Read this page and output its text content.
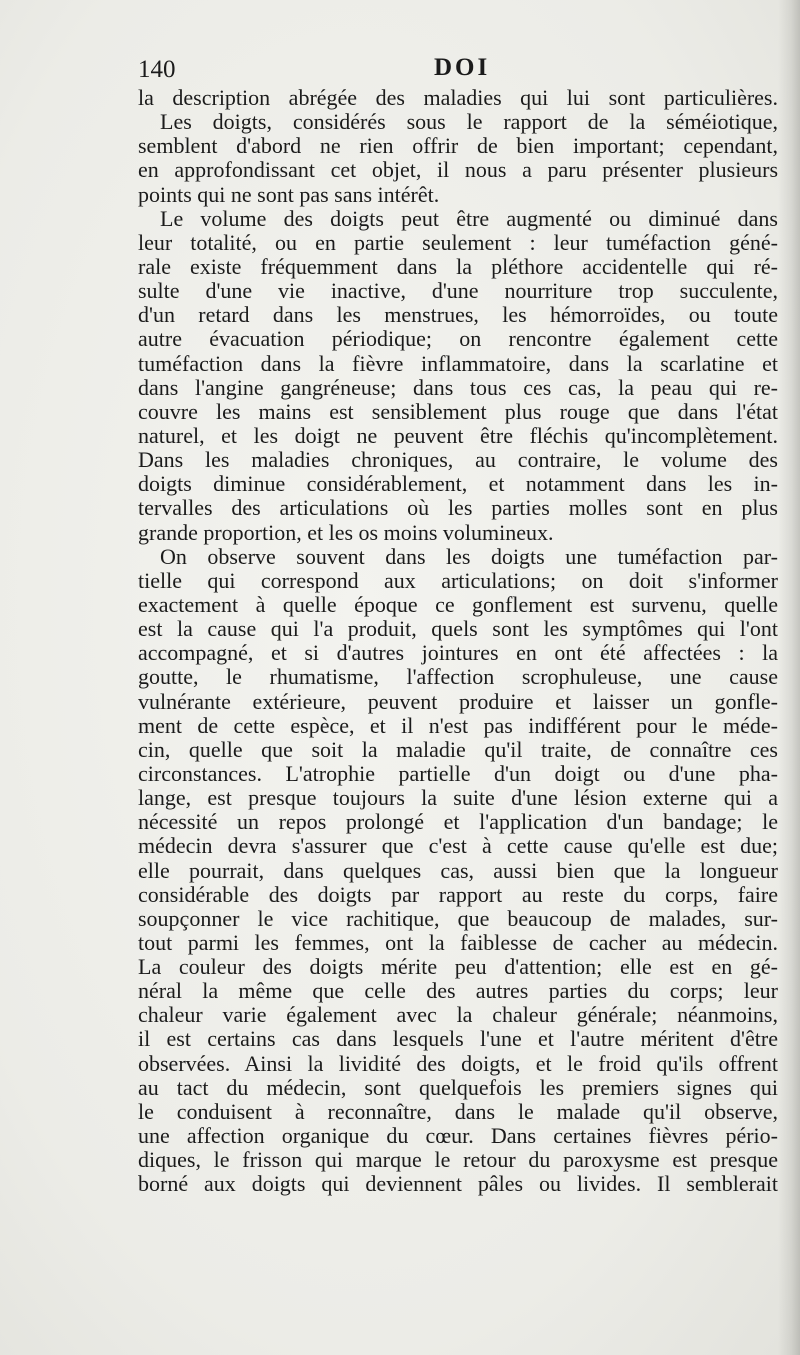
140	DOI
la description abrégée des maladies qui lui sont particulières.
Les doigts, considérés sous le rapport de la séméiotique,
semblent d'abord ne rien offrir de bien important; cependant,
en approfondissant cet objet, il nous a paru présenter plusieurs
points qui ne sont pas sans intérêt.
Le volume des doigts peut être augmenté ou diminué dans
leur totalité, ou en partie seulement : leur tuméfaction géné-
rale existe fréquemment dans la pléthore accidentelle qui ré-
sulte d'une vie inactive, d'une nourriture trop succulente,
d'un retard dans les menstrues, les hémorroïdes, ou toute
autre évacuation périodique; on rencontre également cette
tuméfaction dans la fièvre inflammatoire, dans la scarlatine et
dans l'angine gangréneuse; dans tous ces cas, la peau qui re-
couvre les mains est sensiblement plus rouge que dans l'état
naturel, et les doigt ne peuvent être fléchis qu'incomplètement.
Dans les maladies chroniques, au contraire, le volume des
doigts diminue considérablement, et notamment dans les in-
tervalles des articulations où les parties molles sont en plus
grande proportion, et les os moins volumineux.
On observe souvent dans les doigts une tuméfaction par-
tielle qui correspond aux articulations; on doit s'informer
exactement à quelle époque ce gonflement est survenu, quelle
est la cause qui l'a produit, quels sont les symptômes qui l'ont
accompagné, et si d'autres jointures en ont été affectées : la
goutte, le rhumatisme, l'affection scrophuleuse, une cause
vulnérante extérieure, peuvent produire et laisser un gonfle-
ment de cette espèce, et il n'est pas indifférent pour le méde-
cin, quelle que soit la maladie qu'il traite, de connaître ces
circonstances. L'atrophie partielle d'un doigt ou d'une pha-
lange, est presque toujours la suite d'une lésion externe qui a
nécessité un repos prolongé et l'application d'un bandage; le
médecin devra s'assurer que c'est à cette cause qu'elle est due;
elle pourrait, dans quelques cas, aussi bien que la longueur
considérable des doigts par rapport au reste du corps, faire
soupçonner le vice rachitique, que beaucoup de malades, sur-
tout parmi les femmes, ont la faiblesse de cacher au médecin.
La couleur des doigts mérite peu d'attention; elle est en gé-
néral la même que celle des autres parties du corps; leur
chaleur varie également avec la chaleur générale; néanmoins,
il est certains cas dans lesquels l'une et l'autre méritent d'être
observées. Ainsi la lividité des doigts, et le froid qu'ils offrent
au tact du médecin, sont quelquefois les premiers signes qui
le conduisent à reconnaître, dans le malade qu'il observe,
une affection organique du cœur. Dans certaines fièvres pério-
diques, le frisson qui marque le retour du paroxysme est presque
borné aux doigts qui deviennent pâles ou livides. Il semblerait
